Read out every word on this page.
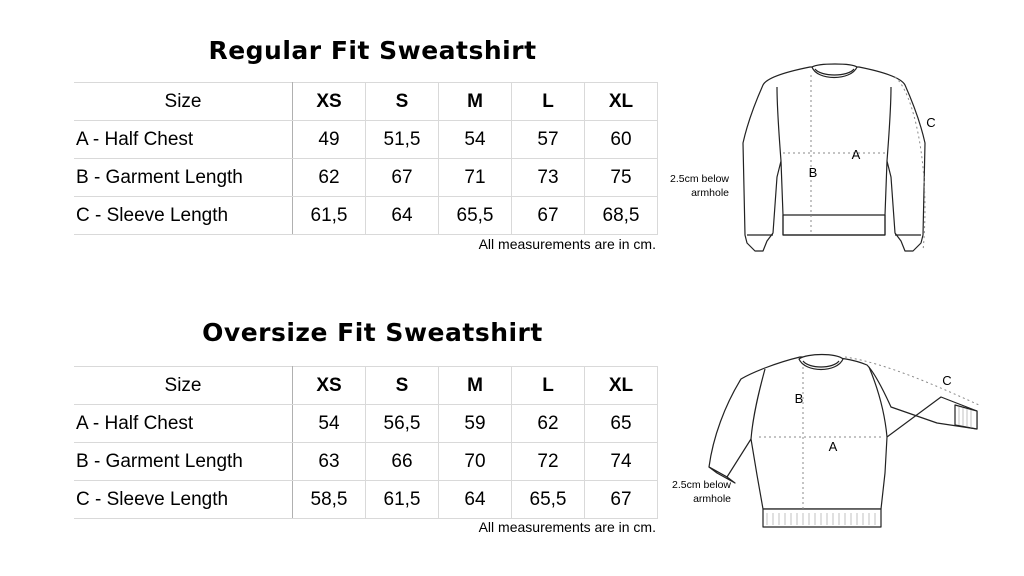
Regular Fit Sweatshirt
Size	XS	S	M	L	XL
A - Half Chest	49	51,5	54	57	60
B - Garment Length	62	67	71	73	75
C - Sleeve Length	61,5	64	65,5	67	68,5

All measurements are in cm.

A
B
C
2.5cm below
armhole
Oversize Fit Sweatshirt
Size	XS	S	M	L	XL
A - Half Chest	54	56,5	59	62	65
B - Garment Length	63	66	70	72	74
C - Sleeve Length	58,5	61,5	64	65,5	67

All measurements are in cm.

A
B
C
2.5cm below
armhole
